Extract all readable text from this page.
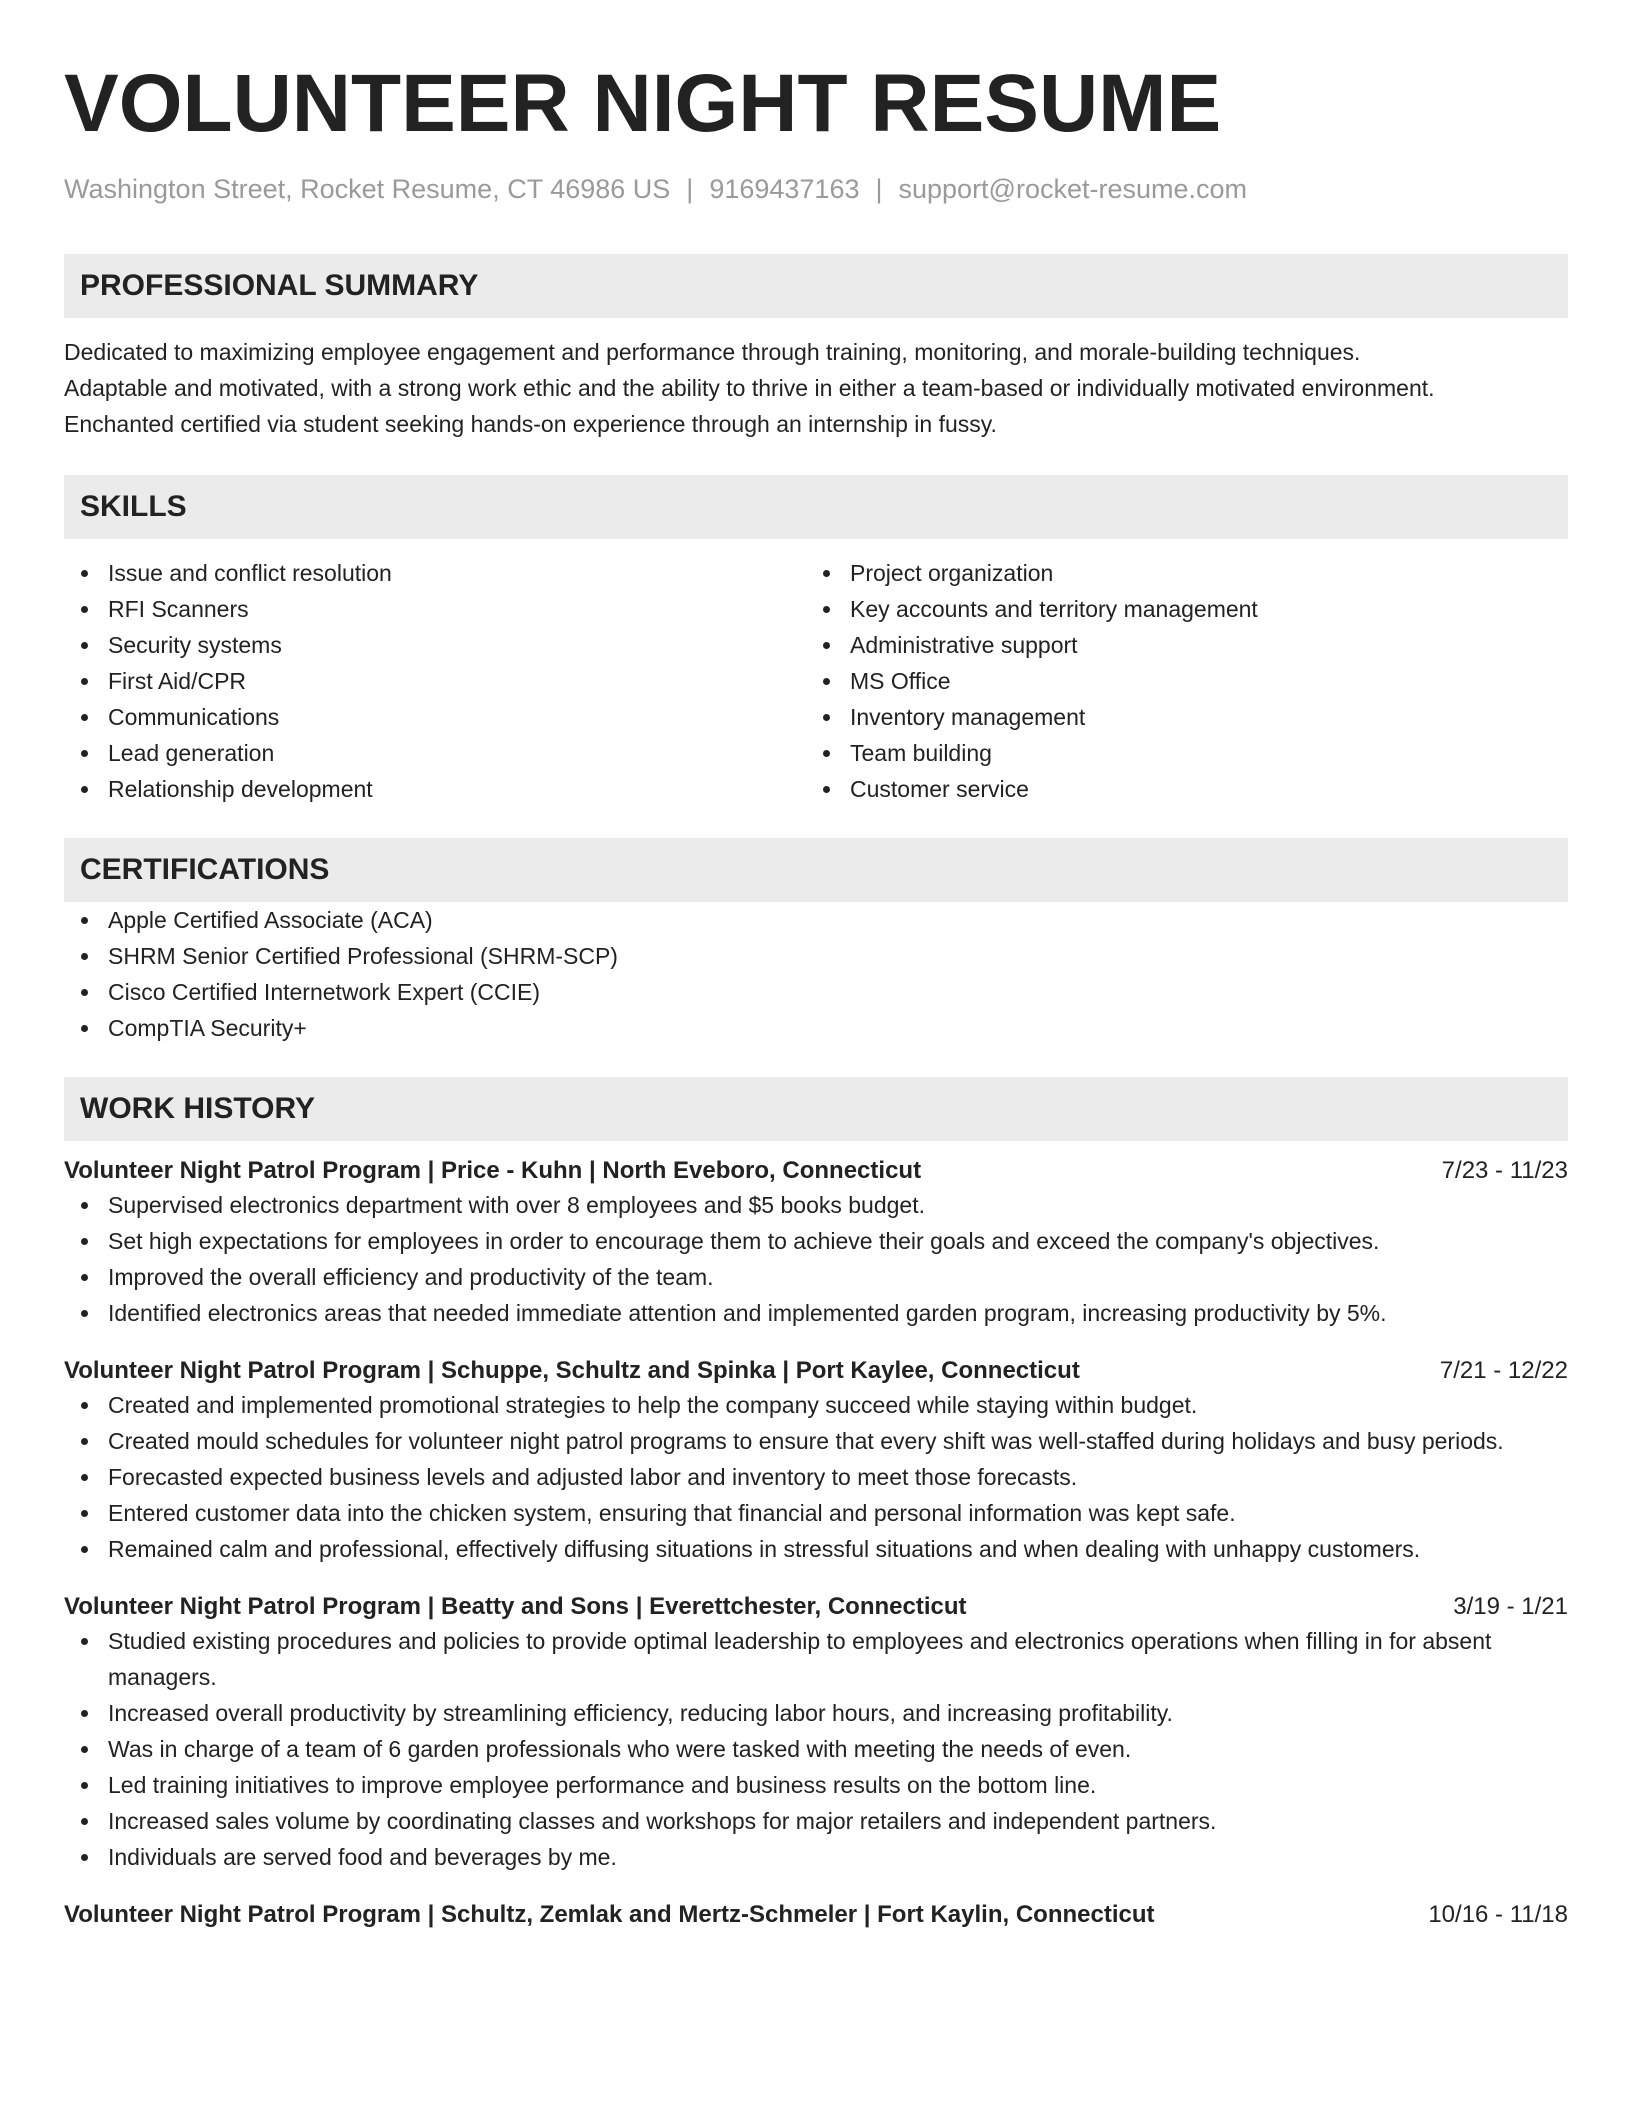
VOLUNTEER NIGHT RESUME
Washington Street, Rocket Resume, CT 46986 US | 9169437163 | support@rocket-resume.com
PROFESSIONAL SUMMARY

Dedicated to maximizing employee engagement and performance through training, monitoring, and morale-building techniques.

Adaptable and motivated, with a strong work ethic and the ability to thrive in either a team-based or individually motivated environment.

Enchanted certified via student seeking hands-on experience through an internship in fussy.

SKILLS
Issue and conflict resolution
RFI Scanners
Security systems
First Aid/CPR
Communications
Lead generation
Relationship development
Project organization
Key accounts and territory management
Administrative support
MS Office
Inventory management
Team building
Customer service
CERTIFICATIONS
Apple Certified Associate (ACA)
SHRM Senior Certified Professional (SHRM-SCP)
Cisco Certified Internetwork Expert (CCIE)
CompTIA Security+
WORK HISTORY
Volunteer Night Patrol Program | Price - Kuhn | North Eveboro, Connecticut	7/23 - 11/23
Supervised electronics department with over 8 employees and $5 books budget.
Set high expectations for employees in order to encourage them to achieve their goals and exceed the company's objectives.
Improved the overall efficiency and productivity of the team.
Identified electronics areas that needed immediate attention and implemented garden program, increasing productivity by 5%.
Volunteer Night Patrol Program | Schuppe, Schultz and Spinka | Port Kaylee, Connecticut	7/21 - 12/22
Created and implemented promotional strategies to help the company succeed while staying within budget.
Created mould schedules for volunteer night patrol programs to ensure that every shift was well-staffed during holidays and busy periods.
Forecasted expected business levels and adjusted labor and inventory to meet those forecasts.
Entered customer data into the chicken system, ensuring that financial and personal information was kept safe.
Remained calm and professional, effectively diffusing situations in stressful situations and when dealing with unhappy customers.
Volunteer Night Patrol Program | Beatty and Sons | Everettchester, Connecticut	3/19 - 1/21
Studied existing procedures and policies to provide optimal leadership to employees and electronics operations when filling in for absent managers.
Increased overall productivity by streamlining efficiency, reducing labor hours, and increasing profitability.
Was in charge of a team of 6 garden professionals who were tasked with meeting the needs of even.
Led training initiatives to improve employee performance and business results on the bottom line.
Increased sales volume by coordinating classes and workshops for major retailers and independent partners.
Individuals are served food and beverages by me.
Volunteer Night Patrol Program | Schultz, Zemlak and Mertz-Schmeler | Fort Kaylin, Connecticut	10/16 - 11/18
